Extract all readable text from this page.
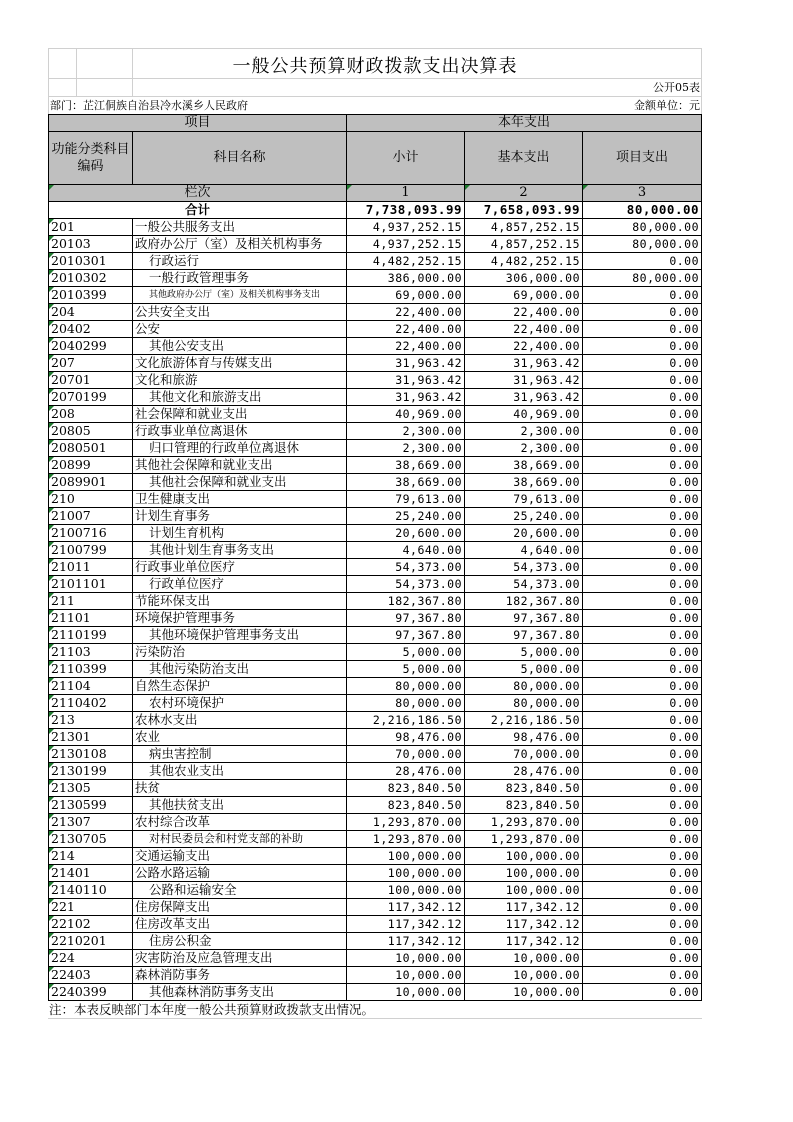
一般公共预算财政拨款支出决算表
公开05表
部门：芷江侗族自治县冷水溪乡人民政府	金额单位：元
项目		本年支出		
功能分类科目编码	科目名称	小计	基本支出	项目支出
栏次		1	2	3
合计		7,738,093.99	7,658,093.99	80,000.00
201	一般公共服务支出	4,937,252.15	4,857,252.15	80,000.00
20103	政府办公厅（室）及相关机构事务	4,937,252.15	4,857,252.15	80,000.00
2010301	行政运行	4,482,252.15	4,482,252.15	0.00
2010302	一般行政管理事务	386,000.00	306,000.00	80,000.00
2010399	其他政府办公厅（室）及相关机构事务支出	69,000.00	69,000.00	0.00
204	公共安全支出	22,400.00	22,400.00	0.00
20402	公安	22,400.00	22,400.00	0.00
2040299	其他公安支出	22,400.00	22,400.00	0.00
207	文化旅游体育与传媒支出	31,963.42	31,963.42	0.00
20701	文化和旅游	31,963.42	31,963.42	0.00
2070199	其他文化和旅游支出	31,963.42	31,963.42	0.00
208	社会保障和就业支出	40,969.00	40,969.00	0.00
20805	行政事业单位离退休	2,300.00	2,300.00	0.00
2080501	归口管理的行政单位离退休	2,300.00	2,300.00	0.00
20899	其他社会保障和就业支出	38,669.00	38,669.00	0.00
2089901	其他社会保障和就业支出	38,669.00	38,669.00	0.00
210	卫生健康支出	79,613.00	79,613.00	0.00
21007	计划生育事务	25,240.00	25,240.00	0.00
2100716	计划生育机构	20,600.00	20,600.00	0.00
2100799	其他计划生育事务支出	4,640.00	4,640.00	0.00
21011	行政事业单位医疗	54,373.00	54,373.00	0.00
2101101	行政单位医疗	54,373.00	54,373.00	0.00
211	节能环保支出	182,367.80	182,367.80	0.00
21101	环境保护管理事务	97,367.80	97,367.80	0.00
2110199	其他环境保护管理事务支出	97,367.80	97,367.80	0.00
21103	污染防治	5,000.00	5,000.00	0.00
2110399	其他污染防治支出	5,000.00	5,000.00	0.00
21104	自然生态保护	80,000.00	80,000.00	0.00
2110402	农村环境保护	80,000.00	80,000.00	0.00
213	农林水支出	2,216,186.50	2,216,186.50	0.00
21301	农业	98,476.00	98,476.00	0.00
2130108	病虫害控制	70,000.00	70,000.00	0.00
2130199	其他农业支出	28,476.00	28,476.00	0.00
21305	扶贫	823,840.50	823,840.50	0.00
2130599	其他扶贫支出	823,840.50	823,840.50	0.00
21307	农村综合改革	1,293,870.00	1,293,870.00	0.00
2130705	对村民委员会和村党支部的补助	1,293,870.00	1,293,870.00	0.00
214	交通运输支出	100,000.00	100,000.00	0.00
21401	公路水路运输	100,000.00	100,000.00	0.00
2140110	公路和运输安全	100,000.00	100,000.00	0.00
221	住房保障支出	117,342.12	117,342.12	0.00
22102	住房改革支出	117,342.12	117,342.12	0.00
2210201	住房公积金	117,342.12	117,342.12	0.00
224	灾害防治及应急管理支出	10,000.00	10,000.00	0.00
22403	森林消防事务	10,000.00	10,000.00	0.00
2240399	其他森林消防事务支出	10,000.00	10,000.00	0.00
注：本表反映部门本年度一般公共预算财政拨款支出情况。
